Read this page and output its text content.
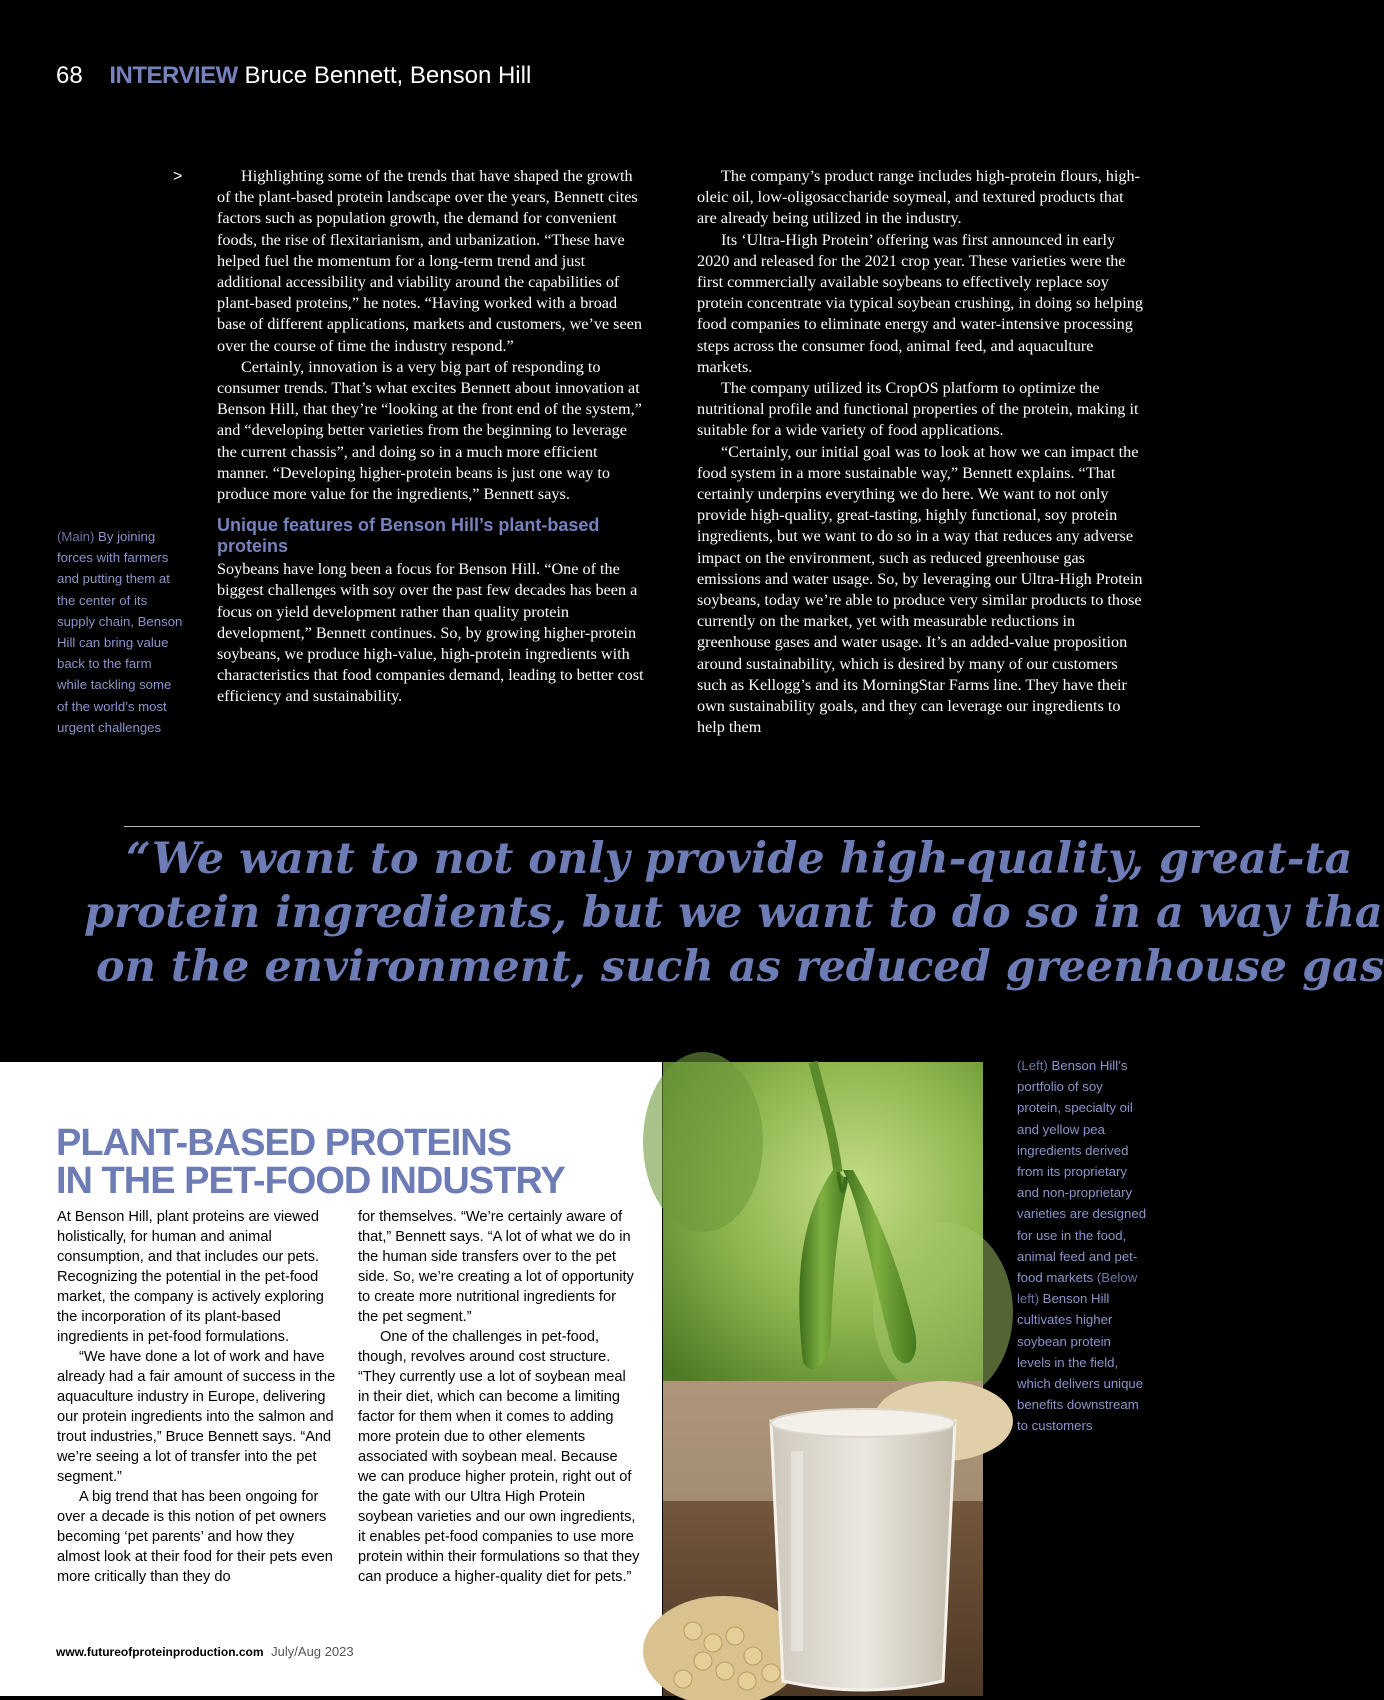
68 INTERVIEW Bruce Bennett, Benson Hill
>	Highlighting some of the trends that have shaped the growth of the plant-based protein landscape over the years, Bennett cites factors such as population growth, the demand for convenient foods, the rise of flexitarianism, and urbanization. “These have helped fuel the momentum for a long-term trend and just additional accessibility and viability around the capabilities of plant-based proteins,” he notes. “Having worked with a broad base of different applications, markets and customers, we’ve seen over the course of time the industry respond.”

Certainly, innovation is a very big part of responding to consumer trends. That’s what excites Bennett about innovation at Benson Hill, that they’re “looking at the front end of the system,” and “developing better varieties from the beginning to leverage the current chassis”, and doing so in a much more efficient manner. “Developing higher-protein beans is just one way to produce more value for the ingredients,” Bennett says.

Unique features of Benson Hill’s plant-based proteins

Soybeans have long been a focus for Benson Hill. “One of the biggest challenges with soy over the past few decades has been a focus on yield development rather than quality protein development,” Bennett continues. So, by growing higher-protein soybeans, we produce high-value, high-protein ingredients with characteristics that food companies demand, leading to better cost efficiency and sustainability.

The company’s product range includes high-protein flours, high-oleic oil, low-oligosaccharide soymeal, and textured products that are already being utilized in the industry.

Its ‘Ultra-High Protein’ offering was first announced in early 2020 and released for the 2021 crop year. These varieties were the first commercially available soybeans to effectively replace soy protein concentrate via typical soybean crushing, in doing so helping food companies to eliminate energy and water-intensive processing steps across the consumer food, animal feed, and aquaculture markets.

The company utilized its CropOS platform to optimize the nutritional profile and functional properties of the protein, making it suitable for a wide variety of food applications.

“Certainly, our initial goal was to look at how we can impact the food system in a more sustainable way,” Bennett explains. “That certainly underpins everything we do here. We want to not only provide high-quality, great-tasting, highly functional, soy protein ingredients, but we want to do so in a way that reduces any adverse impact on the environment, such as reduced greenhouse gas emissions and water usage. So, by leveraging our Ultra-High Protein soybeans, today we’re able to produce very similar products to those currently on the market, yet with measurable reductions in greenhouse gases and water usage. It’s an added-value proposition around sustainability, which is desired by many of our customers such as Kellogg’s and its MorningStar Farms line. They have their own sustainability goals, and they can leverage our ingredients to help them

(Main) By joining forces with farmers and putting them at the center of its supply chain, Benson Hill can bring value back to the farm while tackling some of the world’s most urgent challenges
“We want to not only provide high-quality, great-ta
protein ingredients, but we want to do so in a way tha
on the environment, such as reduced greenhouse gas
PLANT-BASED PROTEINS
IN THE PET-FOOD INDUSTRY

At Benson Hill, plant proteins are viewed holistically, for human and animal consumption, and that includes our pets. Recognizing the potential in the pet-food market, the company is actively exploring the incorporation of its plant-based ingredients in pet-food formulations.

“We have done a lot of work and have already had a fair amount of success in the aquaculture industry in Europe, delivering our protein ingredients into the salmon and trout industries,” Bruce Bennett says. “And we’re seeing a lot of transfer into the pet segment.”

A big trend that has been ongoing for over a decade is this notion of pet owners becoming ‘pet parents’ and how they almost look at their food for their pets even more critically than they do

for themselves. “We’re certainly aware of that,” Bennett says. “A lot of what we do in the human side transfers over to the pet side. So, we’re creating a lot of opportunity to create more nutritional ingredients for the pet segment.”

One of the challenges in pet-food, though, revolves around cost structure. “They currently use a lot of soybean meal in their diet, which can become a limiting factor for them when it comes to adding more protein due to other elements associated with soybean meal. Because we can produce higher protein, right out of the gate with our Ultra High Protein soybean varieties and our own ingredients, it enables pet-food companies to use more protein within their formulations so that they can produce a higher-quality diet for pets.”

www.futureofproteinproduction.com July/Aug 2023
(Left) Benson Hill’s portfolio of soy protein, specialty oil and yellow pea ingredients derived from its proprietary and non-proprietary varieties are designed for use in the food, animal feed and pet-food markets (Below left) Benson Hill cultivates higher soybean protein levels in the field, which delivers unique benefits downstream to customers
